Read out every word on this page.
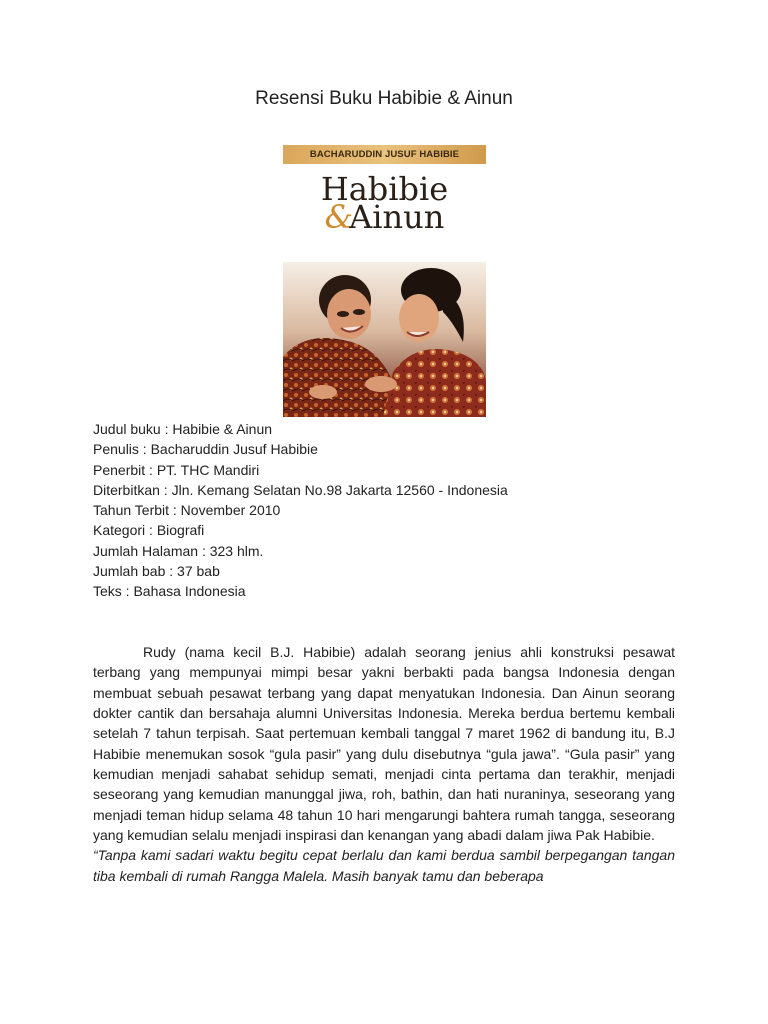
Resensi Buku Habibie & Ainun
BACHARUDDIN JUSUF HABIBIE
Habibie
&Ainun
Judul buku : Habibie & Ainun
Penulis : Bacharuddin Jusuf Habibie
Penerbit : PT. THC Mandiri
Diterbitkan : Jln. Kemang Selatan No.98 Jakarta 12560 - Indonesia
Tahun Terbit : November 2010
Kategori : Biografi
Jumlah Halaman : 323 hlm.
Jumlah bab : 37 bab
Teks : Bahasa Indonesia

Rudy (nama kecil B.J. Habibie) adalah seorang jenius ahli konstruksi pesawat terbang yang mempunyai mimpi besar yakni berbakti pada bangsa Indonesia dengan membuat sebuah pesawat terbang yang dapat menyatukan Indonesia. Dan Ainun seorang dokter cantik dan bersahaja alumni Universitas Indonesia. Mereka berdua bertemu kembali setelah 7 tahun terpisah. Saat pertemuan kembali tanggal 7 maret 1962 di bandung itu, B.J Habibie menemukan sosok “gula pasir” yang dulu disebutnya “gula jawa”. “Gula pasir” yang kemudian menjadi sahabat sehidup semati, menjadi cinta pertama dan terakhir, menjadi seseorang yang kemudian manunggal jiwa, roh, bathin, dan hati nuraninya, seseorang yang menjadi teman hidup selama 48 tahun 10 hari mengarungi bahtera rumah tangga, seseorang yang kemudian selalu menjadi inspirasi dan kenangan yang abadi dalam jiwa Pak Habibie.

“Tanpa kami sadari waktu begitu cepat berlalu dan kami berdua sambil berpegangan tangan tiba kembali di rumah Rangga Malela. Masih banyak tamu dan beberapa
